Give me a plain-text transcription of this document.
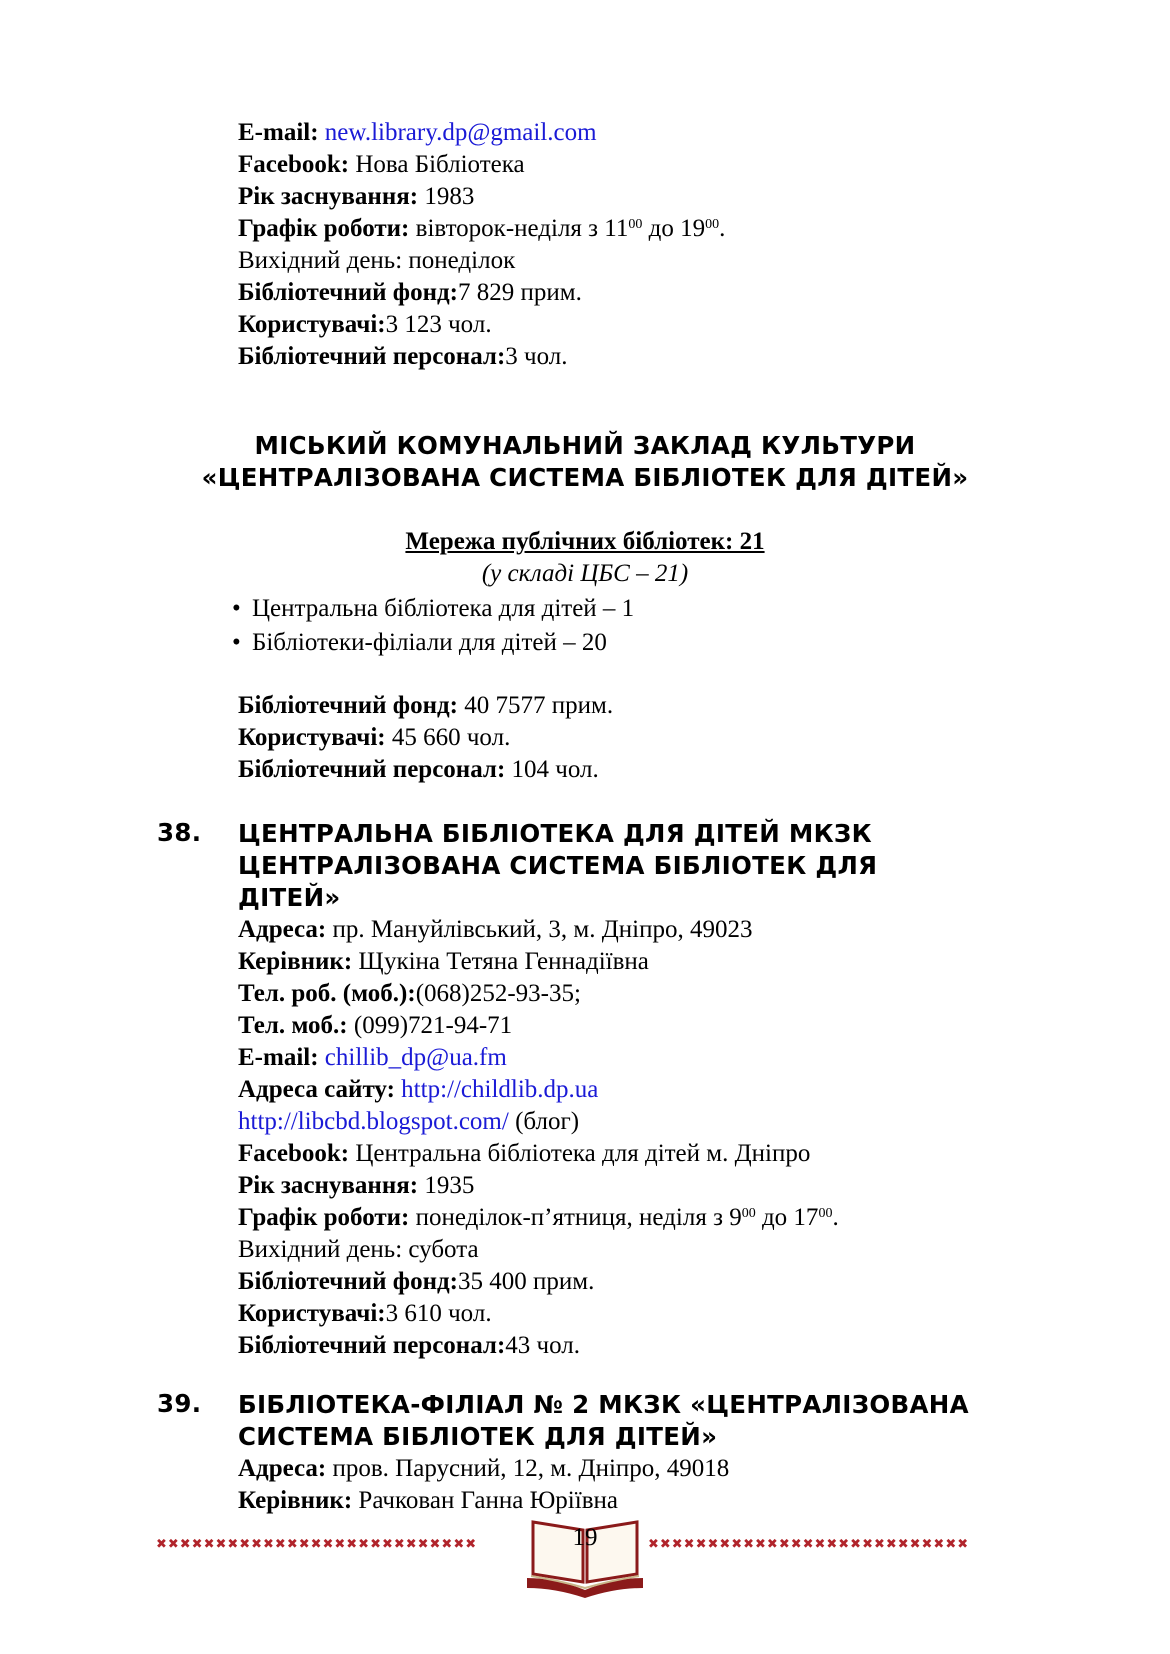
E-mail: new.library.dp@gmail.com
Facebook: Нова Бібліотека
Рік заснування: 1983
Графік роботи: вівторок-неділя з $11^{00}$ до $19^{00}$.
Вихідний день: понеділок
Бібліотечний фонд:7 829 прим.
Користувачі:3 123 чол.
Бібліотечний персонал:3 чол.
МІСЬКИЙ КОМУНАЛЬНИЙ ЗАКЛАД КУЛЬТУРИ
«ЦЕНТРАЛІЗОВАНА СИСТЕМА БІБЛІОТЕК ДЛЯ ДІТЕЙ»
Мережа публічних бібліотек: 21
(у складі ЦБС – 21)
• Центральна бібліотека для дітей – 1
• Бібліотеки-філіали для дітей – 20
Бібліотечний фонд: 40 7577 прим.
Користувачі: 45 660 чол.
Бібліотечний персонал: 104 чол.
38. ЦЕНТРАЛЬНА БІБЛІОТЕКА ДЛЯ ДІТЕЙ МКЗК
ЦЕНТРАЛІЗОВАНА СИСТЕМА БІБЛІОТЕК ДЛЯ
ДІТЕЙ»
Адреса: пр. Мануйлівський, 3, м. Дніпро, 49023
Керівник: Щукіна Тетяна Геннадіївна
Тел. роб. (моб.):(068)252-93-35;
Тел. моб.: (099)721-94-71
E-mail: chillib_dp@ua.fm
Адреса сайту: http://childlib.dp.ua
http://libcbd.blogspot.com/ (блог)
Facebook: Центральна бібліотека для дітей м. Дніпро
Рік заснування: 1935
Графік роботи: понеділок-п’ятниця, неділя з $9^{00}$ до $17^{00}$.
Вихідний день: субота
Бібліотечний фонд:35 400 прим.
Користувачі:3 610 чол.
Бібліотечний персонал:43 чол.
39. БІБЛІОТЕКА-ФІЛІАЛ № 2 МКЗК «ЦЕНТРАЛІЗОВАНА
СИСТЕМА БІБЛІОТЕК ДЛЯ ДІТЕЙ»
Адреса: пров. Парусний, 12, м. Дніпро, 49018
Керівник: Рачкован Ганна Юріївна
✖✖✖✖✖✖✖✖✖✖✖✖✖✖✖✖✖✖✖✖✖✖✖✖✖✖✖	✖✖✖✖✖✖✖✖✖✖✖✖✖✖✖✖✖✖✖✖✖✖✖✖✖✖✖
19
